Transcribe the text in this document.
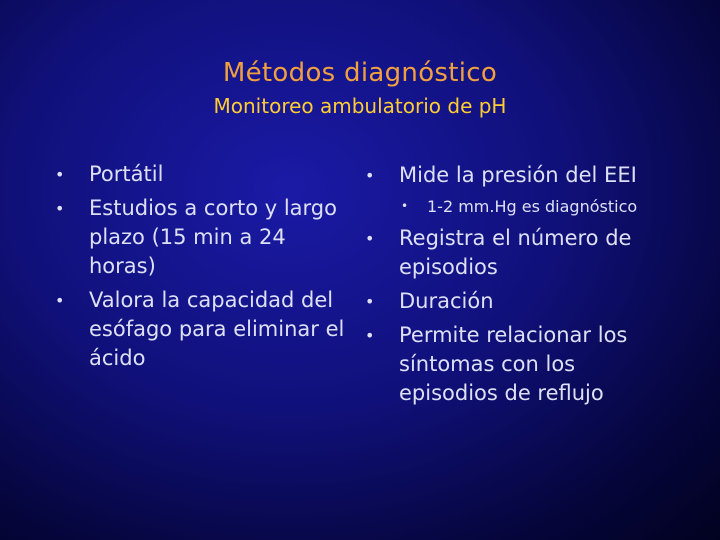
Métodos diagnóstico
Monitoreo ambulatorio de pH
• Portátil
• Estudios a corto y largo plazo (15 min a 24 horas)
• Valora la capacidad del esófago para eliminar el ácido
• Mide la presión del EEI
• 1-2 mm.Hg es diagnóstico
• Registra el número de episodios
• Duración
• Permite relacionar los síntomas con los episodios de reflujo
